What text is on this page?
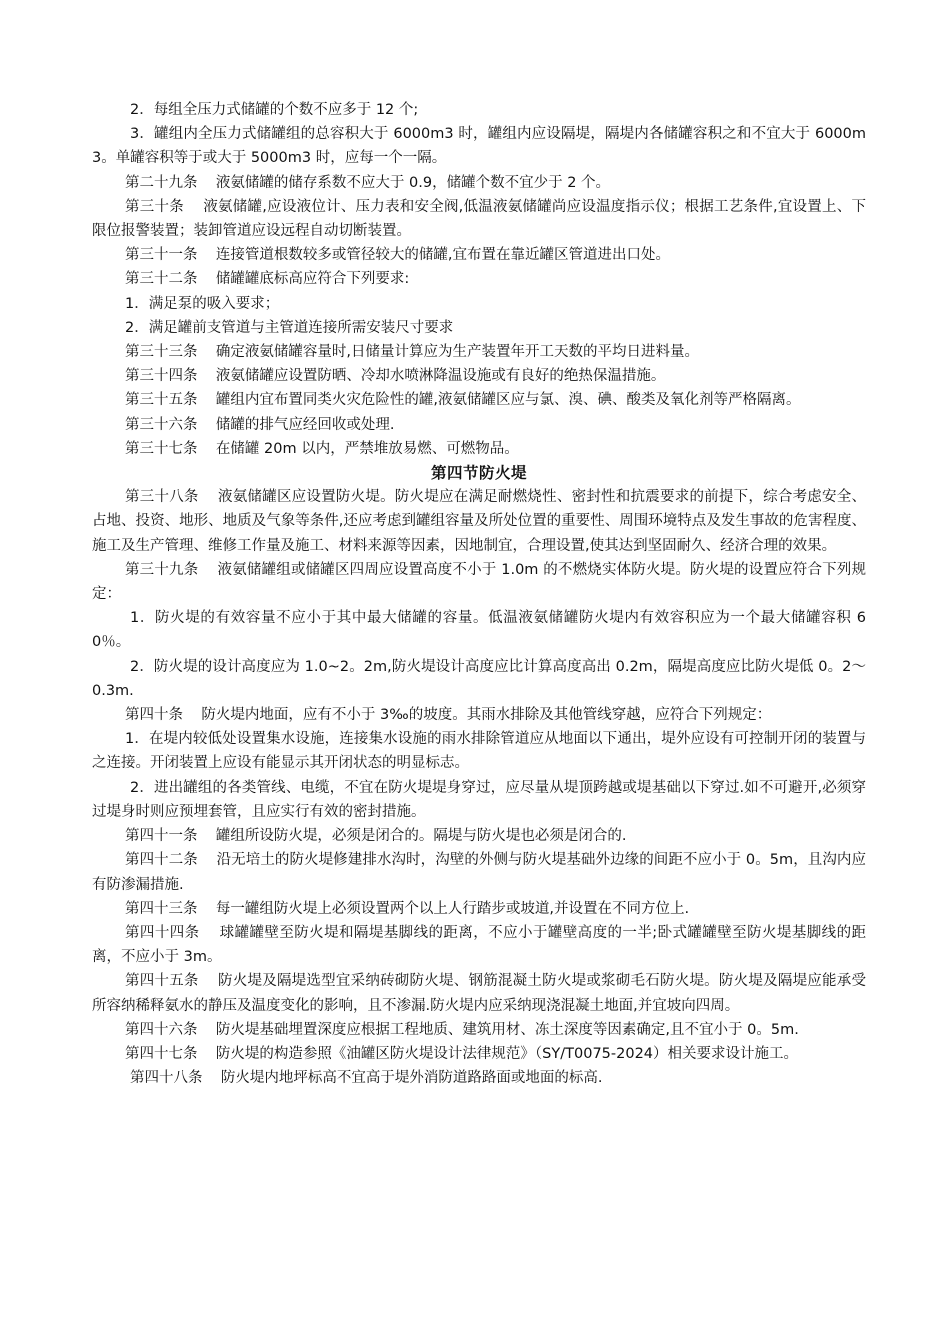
2．每组全压力式储罐的个数不应多于 12 个;

3．罐组内全压力式储罐组的总容积大于 6000m3 时，罐组内应设隔堤，隔堤内各储罐容积之和不宜大于 6000m3。单罐容积等于或大于 5000m3 时，应每一个一隔。

第二十九条    液氨储罐的储存系数不应大于 0.9，储罐个数不宜少于 2 个。

第三十条    液氨储罐,应设液位计、压力表和安全阀,低温液氨储罐尚应设温度指示仪；根据工艺条件,宜设置上、下限位报警装置；装卸管道应设远程自动切断装置。

第三十一条    连接管道根数较多或管径较大的储罐,宜布置在靠近罐区管道进出口处。

第三十二条    储罐罐底标高应符合下列要求:

1．满足泵的吸入要求；

2．满足罐前支管道与主管道连接所需安装尺寸要求

第三十三条    确定液氨储罐容量时,日储量计算应为生产装置年开工天数的平均日进料量。

第三十四条    液氨储罐应设置防晒、冷却水喷淋降温设施或有良好的绝热保温措施。

第三十五条    罐组内宜布置同类火灾危险性的罐,液氨储罐区应与氯、溴、碘、酸类及氧化剂等严格隔离。

第三十六条    储罐的排气应经回收或处理.

第三十七条    在储罐 20m 以内，严禁堆放易燃、可燃物品。

第四节防火堤

第三十八条    液氨储罐区应设置防火堤。防火堤应在满足耐燃烧性、密封性和抗震要求的前提下，综合考虑安全、占地、投资、地形、地质及气象等条件,还应考虑到罐组容量及所处位置的重要性、周围环境特点及发生事故的危害程度、施工及生产管理、维修工作量及施工、材料来源等因素，因地制宜，合理设置,使其达到坚固耐久、经济合理的效果。

第三十九条    液氨储罐组或储罐区四周应设置高度不小于 1.0m 的不燃烧实体防火堤。防火堤的设置应符合下列规定：

1．防火堤的有效容量不应小于其中最大储罐的容量。低温液氨储罐防火堤内有效容积应为一个最大储罐容积 60％。

2．防火堤的设计高度应为 1.0~2。2m,防火堤设计高度应比计算高度高出 0.2m，隔堤高度应比防火堤低 0。2～0.3m.

第四十条    防火堤内地面，应有不小于 3‰的坡度。其雨水排除及其他管线穿越，应符合下列规定：

1．在堤内较低处设置集水设施，连接集水设施的雨水排除管道应从地面以下通出，堤外应设有可控制开闭的装置与之连接。开闭装置上应设有能显示其开闭状态的明显标志。

2．进出罐组的各类管线、电缆，不宜在防火堤堤身穿过，应尽量从堤顶跨越或堤基础以下穿过.如不可避开,必须穿过堤身时则应预埋套管，且应实行有效的密封措施。

第四十一条    罐组所设防火堤，必须是闭合的。隔堤与防火堤也必须是闭合的.

第四十二条    沿无培土的防火堤修建排水沟时，沟壁的外侧与防火堤基础外边缘的间距不应小于 0。5m，且沟内应有防渗漏措施.

第四十三条    每一罐组防火堤上必须设置两个以上人行踏步或坡道,并设置在不同方位上.

第四十四条    球罐罐壁至防火堤和隔堤基脚线的距离，不应小于罐壁高度的一半;卧式罐罐壁至防火堤基脚线的距离，不应小于 3m。

第四十五条    防火堤及隔堤选型宜采纳砖砌防火堤、钢筋混凝土防火堤或浆砌毛石防火堤。防火堤及隔堤应能承受所容纳稀释氨水的静压及温度变化的影响，且不渗漏.防火堤内应采纳现浇混凝土地面,并宜坡向四周。

第四十六条    防火堤基础埋置深度应根据工程地质、建筑用材、冻土深度等因素确定,且不宜小于 0。5m.

第四十七条    防火堤的构造参照《油罐区防火堤设计法律规范》（SY/T0075-2024）相关要求设计施工。

第四十八条    防火堤内地坪标高不宜高于堤外消防道路路面或地面的标高.
